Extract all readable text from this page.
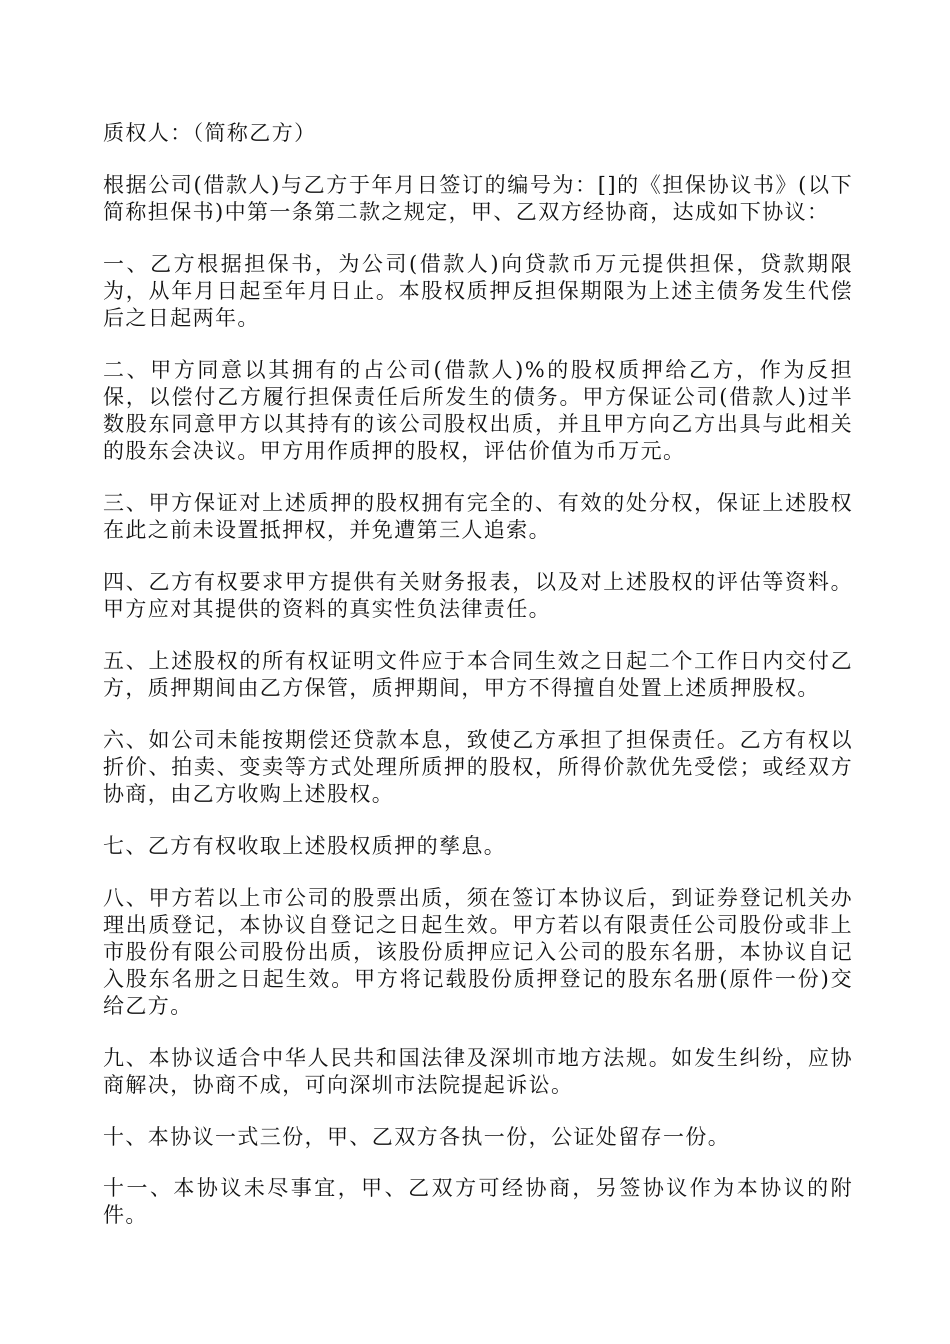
质权人：（简称乙方）

根据公司(借款人)与乙方于年月日签订的编号为：[]的《担保协议书》(以下简称担保书)中第一条第二款之规定，甲、乙双方经协商，达成如下协议：

一、乙方根据担保书，为公司(借款人)向贷款币万元提供担保，贷款期限为，从年月日起至年月日止。本股权质押反担保期限为上述主债务发生代偿后之日起两年。

二、甲方同意以其拥有的占公司(借款人)%的股权质押给乙方，作为反担保，以偿付乙方履行担保责任后所发生的债务。甲方保证公司(借款人)过半数股东同意甲方以其持有的该公司股权出质，并且甲方向乙方出具与此相关的股东会决议。甲方用作质押的股权，评估价值为币万元。

三、甲方保证对上述质押的股权拥有完全的、有效的处分权，保证上述股权在此之前未设置抵押权，并免遭第三人追索。

四、乙方有权要求甲方提供有关财务报表，以及对上述股权的评估等资料。甲方应对其提供的资料的真实性负法律责任。

五、上述股权的所有权证明文件应于本合同生效之日起二个工作日内交付乙方，质押期间由乙方保管，质押期间，甲方不得擅自处置上述质押股权。

六、如公司未能按期偿还贷款本息，致使乙方承担了担保责任。乙方有权以折价、拍卖、变卖等方式处理所质押的股权，所得价款优先受偿；或经双方协商，由乙方收购上述股权。

七、乙方有权收取上述股权质押的孳息。

八、甲方若以上市公司的股票出质，须在签订本协议后，到证券登记机关办理出质登记，本协议自登记之日起生效。甲方若以有限责任公司股份或非上市股份有限公司股份出质，该股份质押应记入公司的股东名册，本协议自记入股东名册之日起生效。甲方将记载股份质押登记的股东名册(原件一份)交给乙方。

九、本协议适合中华人民共和国法律及深圳市地方法规。如发生纠纷，应协商解决，协商不成，可向深圳市法院提起诉讼。

十、本协议一式三份，甲、乙双方各执一份，公证处留存一份。

十一、本协议未尽事宜，甲、乙双方可经协商，另签协议作为本协议的附件。
